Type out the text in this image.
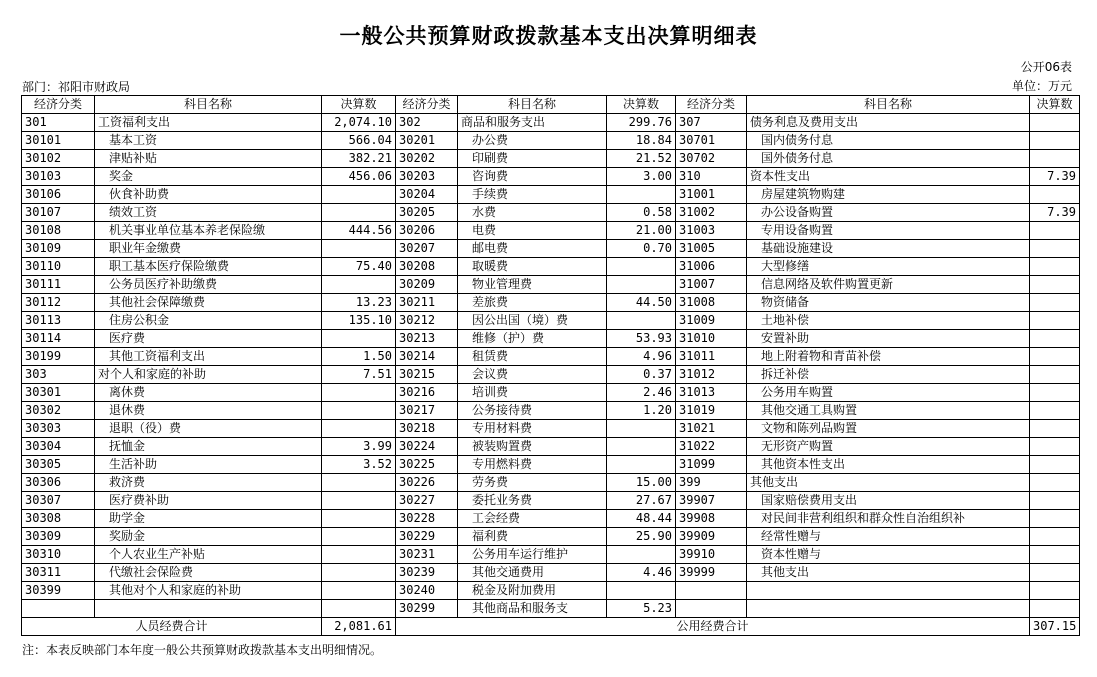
一般公共预算财政拨款基本支出决算明细表
公开06表
部门：祁阳市财政局	单位：万元
经济分类	科目名称	决算数	经济分类	科目名称	决算数	经济分类	科目名称	决算数
301	工资福利支出	2,074.10	302	商品和服务支出	299.76	307	债务利息及费用支出	
30101	基本工资	566.04	30201	办公费	18.84	30701	国内债务付息	
30102	津贴补贴	382.21	30202	印刷费	21.52	30702	国外债务付息	
30103	奖金	456.06	30203	咨询费	3.00	310	资本性支出	7.39
30106	伙食补助费		30204	手续费		31001	房屋建筑物购建	
30107	绩效工资		30205	水费	0.58	31002	办公设备购置	7.39
30108	机关事业单位基本养老保险缴	444.56	30206	电费	21.00	31003	专用设备购置	
30109	职业年金缴费		30207	邮电费	0.70	31005	基础设施建设	
30110	职工基本医疗保险缴费	75.40	30208	取暖费		31006	大型修缮	
30111	公务员医疗补助缴费		30209	物业管理费		31007	信息网络及软件购置更新	
30112	其他社会保障缴费	13.23	30211	差旅费	44.50	31008	物资储备	
30113	住房公积金	135.10	30212	因公出国（境）费		31009	土地补偿	
30114	医疗费		30213	维修（护）费	53.93	31010	安置补助	
30199	其他工资福利支出	1.50	30214	租赁费	4.96	31011	地上附着物和青苗补偿	
303	对个人和家庭的补助	7.51	30215	会议费	0.37	31012	拆迁补偿	
30301	离休费		30216	培训费	2.46	31013	公务用车购置	
30302	退休费		30217	公务接待费	1.20	31019	其他交通工具购置	
30303	退职（役）费		30218	专用材料费		31021	文物和陈列品购置	
30304	抚恤金	3.99	30224	被装购置费		31022	无形资产购置	
30305	生活补助	3.52	30225	专用燃料费		31099	其他资本性支出	
30306	救济费		30226	劳务费	15.00	399	其他支出	
30307	医疗费补助		30227	委托业务费	27.67	39907	国家赔偿费用支出	
30308	助学金		30228	工会经费	48.44	39908	对民间非营利组织和群众性自治组织补	
30309	奖励金		30229	福利费	25.90	39909	经常性赠与	
30310	个人农业生产补贴		30231	公务用车运行维护		39910	资本性赠与	
30311	代缴社会保险费		30239	其他交通费用	4.46	39999	其他支出	
30399	其他对个人和家庭的补助		30240	税金及附加费用				
			30299	其他商品和服务支	5.23			
人员经费合计		2,081.61	公用经费合计					307.15
注：本表反映部门本年度一般公共预算财政拨款基本支出明细情况。
